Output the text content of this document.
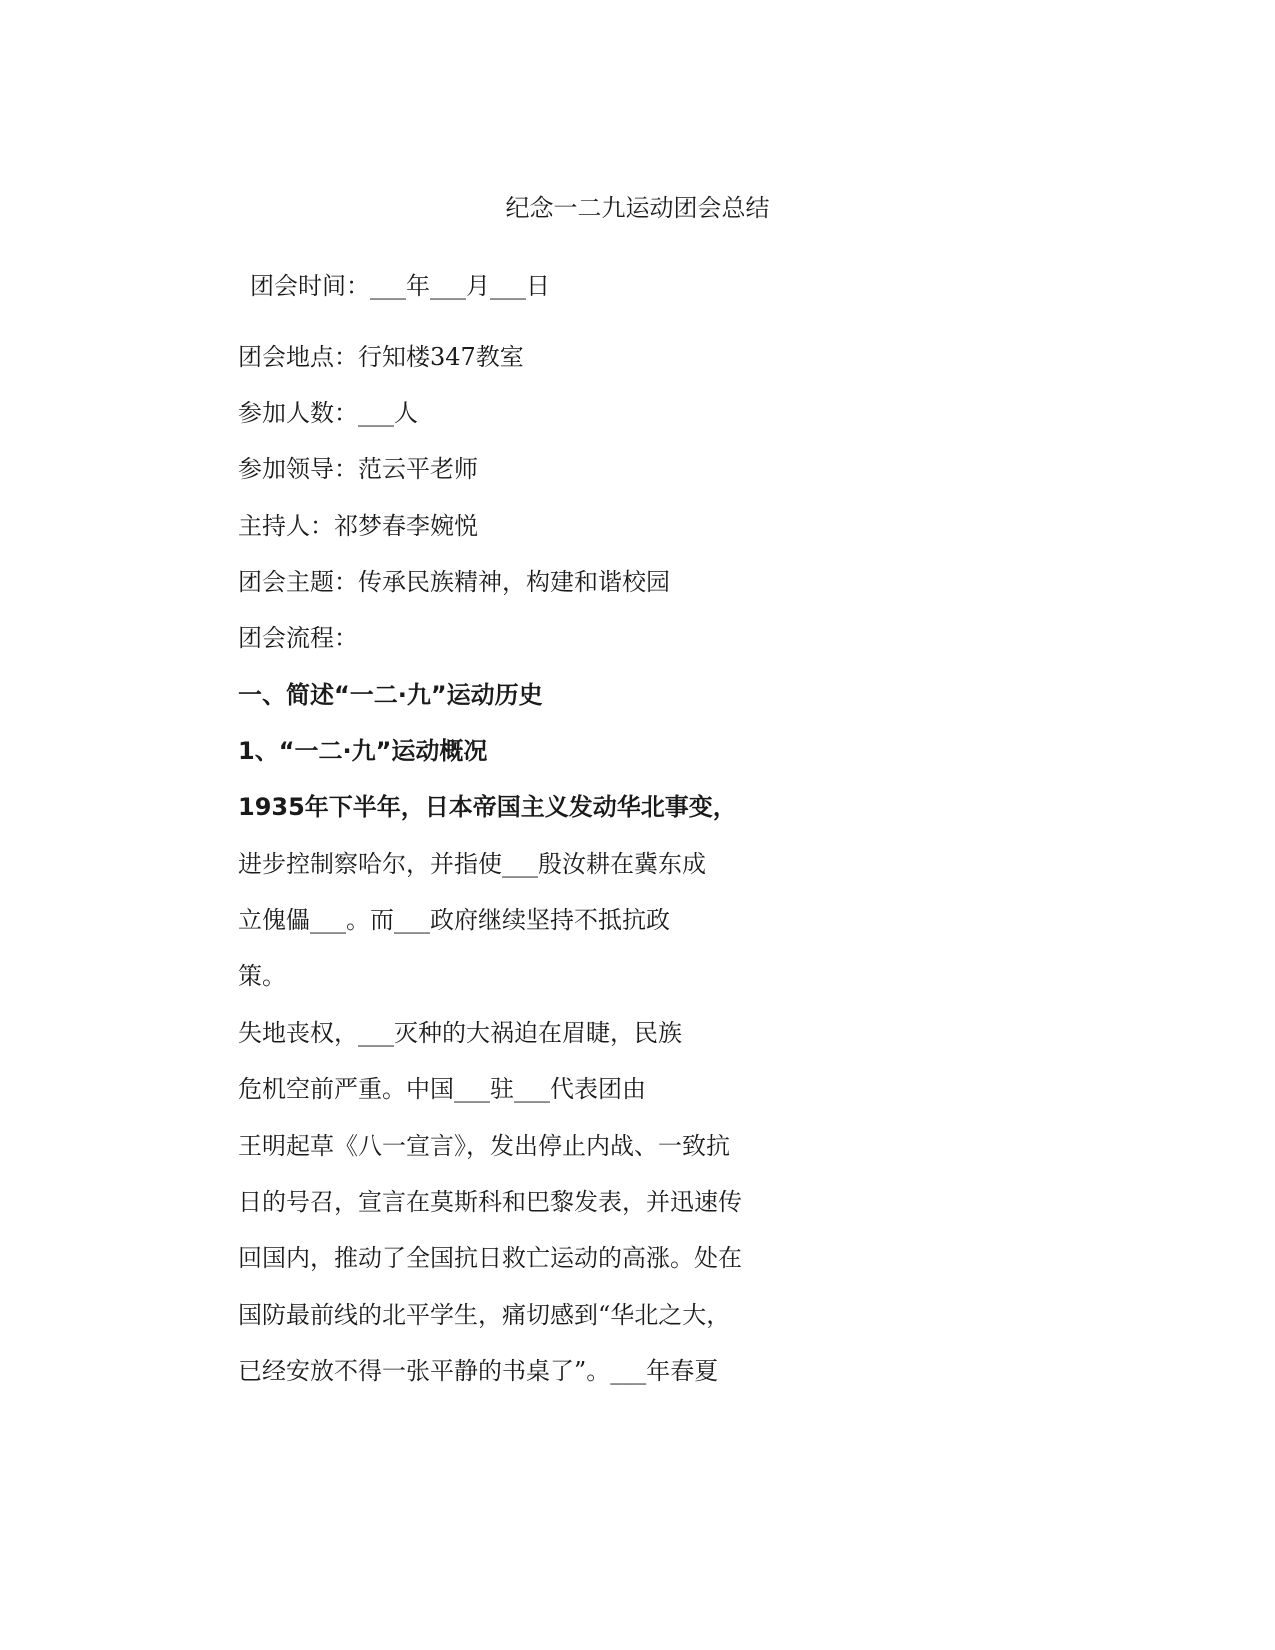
纪念一二九运动团会总结
团会时间：___年___月___日
团会地点：行知楼347教室
参加人数：___人
参加领导：范云平老师
主持人：祁梦春李婉悦
团会主题：传承民族精神，构建和谐校园
团会流程：
一、简述“一二·九”运动历史
1、“一二·九”运动概况
1935年下半年，日本帝国主义发动华北事变，
进步控制察哈尔，并指使___殷汝耕在冀东成
立傀儡___。而___政府继续坚持不抵抗政
策。
失地丧权，___灭种的大祸迫在眉睫，民族
危机空前严重。中国___驻___代表团由
王明起草《八一宣言》，发出停止内战、一致抗
日的号召，宣言在莫斯科和巴黎发表，并迅速传
回国内，推动了全国抗日救亡运动的高涨。处在
国防最前线的北平学生，痛切感到“华北之大，
已经安放不得一张平静的书桌了”。___年春夏
